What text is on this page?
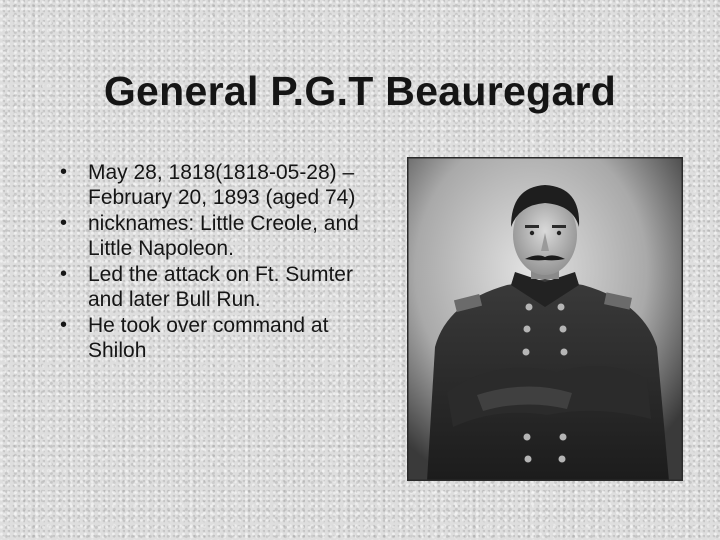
General P.G.T Beauregard
• May 28, 1818(1818-05-28) – February 20, 1893 (aged 74)
• nicknames: Little Creole, and Little Napoleon.
• Led the attack on Ft. Sumter and later Bull Run.
• He took over command at Shiloh
